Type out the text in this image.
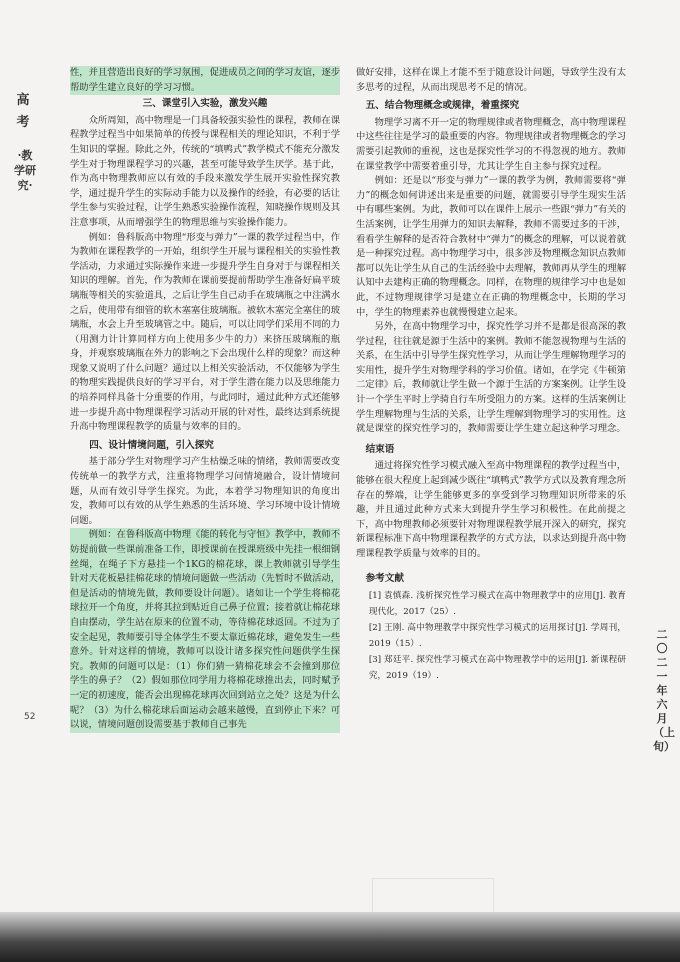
高考
·教学研究·
二〇二一年六月（上旬）
52

性，并且营造出良好的学习氛围，促进成员之间的学习友谊，逐步帮助学生建立良好的学习习惯。

三、课堂引入实验，激发兴趣

众所周知，高中物理是一门具备较强实验性的课程，教师在课程教学过程当中如果简单的传授与课程相关的理论知识，不利于学生知识的掌握。除此之外，传统的“填鸭式”教学模式不能充分激发学生对于物理课程学习的兴趣，甚至可能导致学生厌学。基于此，作为高中物理教师应以有效的手段来激发学生展开实验性探究教学，通过提升学生的实际动手能力以及操作的经验，有必要的话让学生参与实验过程，让学生熟悉实验操作流程，知晓操作规则及其注意事项，从而增强学生的物理思维与实验操作能力。

例如：鲁科版高中物理“形变与弹力”一课的教学过程当中，作为教师在课程教学的一开始，组织学生开展与课程相关的实验性教学活动，力求通过实际操作来进一步提升学生自身对于与课程相关知识的理解。首先，作为教师在课前要提前帮助学生准备好扁平玻璃瓶等相关的实验道具，之后让学生自己动手在玻璃瓶之中注满水之后，使用带有细管的软木塞塞住玻璃瓶。被软木塞完全塞住的玻璃瓶，水会上升至玻璃管之中。随后，可以让同学们采用不同的力（用测力计计算同样方向上使用多少牛的力）来挤压玻璃瓶的瓶身，并观察玻璃瓶在外力的影响之下会出现什么样的现象？而这种现象又说明了什么问题？通过以上相关实验活动，不仅能够为学生的物理实践提供良好的学习平台，对于学生潜在能力以及思维能力的培养同样具备十分重要的作用，与此同时，通过此种方式还能够进一步提升高中物理课程学习活动开展的针对性，最终达到系统提升高中物理课程教学的质量与效率的目的。

四、设计情境问题，引入探究

基于部分学生对物理学习产生枯燥乏味的情绪，教师需要改变传统单一的教学方式，注重将物理学习问情境融合，设计情境问题，从而有效引导学生探究。为此，本着学习物理知识的角度出发，教师可以有效的从学生熟悉的生活环境、学习环境中设计情境问题。

例如：在鲁科版高中物理《能的转化与守恒》教学中，教师不妨提前做一些课前准备工作，即授课前在授课班级中先挂一根细钢丝绳，在绳子下方悬挂一个1KG的棉花球，课上教师就引导学生针对天花板悬挂棉花球的情境问题做一些活动（先暂时不做活动，但是活动的情境先做，教师要设计问题）。诸如让一个学生将棉花球拉开一个角度，并将其拉到贴近自己鼻子位置；接着就让棉花球自由摆动，学生站在原来的位置不动，等待棉花球返回。不过为了安全起见，教师要引导全体学生不要太靠近棉花球，避免发生一些意外。针对这样的情境，教师可以设计诸多探究性问题供学生探究。教师的问题可以是：（1）你们猜一猜棉花球会不会撞到那位学生的鼻子？（2）假如那位同学用力将棉花球推出去，同时赋予一定的初速度，能否会出现棉花球再次回到站立之处？这是为什么呢？（3）为什么棉花球后面运动会越来越慢，直到停止下来？可以说，情境问题创设需要基于教师自己事先

做好安排，这样在课上才能不至于随意设计问题，导致学生没有太多思考的过程，从而出现思考不足的情况。

五、结合物理概念或规律，着重探究

物理学习离不开一定的物理规律或者物理概念，高中物理课程中这些往往是学习的最重要的内容。物理规律或者物理概念的学习需要引起教师的重视，这也是探究性学习的不得忽视的地方。教师在课堂教学中需要着重引导，尤其让学生自主参与探究过程。

例如：还是以“形变与弹力”一课的教学为例，教师需要将“弹力”的概念如何讲述出来是重要的问题，就需要引导学生现实生活中有哪些案例。为此，教师可以在课件上展示一些跟“弹力”有关的生活案例，让学生用弹力的知识去解释，教师不需要过多的干涉，看看学生解释的是否符合教材中“弹力”的概念的理解，可以说着就是一种探究过程。高中物理学习中，很多涉及物理概念知识点教师都可以先让学生从自己的生活经验中去理解，教师再从学生的理解认知中去建构正确的物理概念。同样，在物理的规律学习中也是如此，不过物理规律学习是建立在正确的物理概念中，长期的学习中，学生的物理素养也就慢慢建立起来。

另外，在高中物理学习中，探究性学习并不是都是很高深的教学过程，往往就是源于生活中的案例。教师不能忽视物理与生活的关系，在生活中引导学生探究性学习，从而让学生理解物理学习的实用性，提升学生对物理学科的学习价值。诸如，在学完《牛顿第二定律》后，教师就让学生做一个源于生活的方案案例。让学生设计一个学生平时上学骑自行车所受阻力的方案。这样的生活案例让学生理解物理与生活的关系，让学生理解到物理学习的实用性。这就是课堂的探究性学习的，教师需要让学生建立起这种学习理念。

结束语

通过将探究性学习模式融入至高中物理课程的教学过程当中，能够在很大程度上起到减少既往“填鸭式”教学方式以及教育理念所存在的弊端，让学生能够更多的享受到学习物理知识所带来的乐趣，并且通过此种方式来大到提升学生学习积极性。在此前提之下，高中物理教师必须要针对物理课程教学展开深入的研究，探究新课程标准下高中物理课程教学的方式方法，以求达到提升高中物理课程教学质量与效率的目的。

参考文献

[1] 袁慎森. 浅析探究性学习模式在高中物理教学中的应用[J]. 教育现代化，2017（25）.

[2] 王刚. 高中物理教学中探究性学习模式的运用探讨[J]. 学周刊，2019（15）.

[3] 郑廷平. 探究性学习模式在高中物理教学中的运用[J]. 新课程研究，2019（19）.
